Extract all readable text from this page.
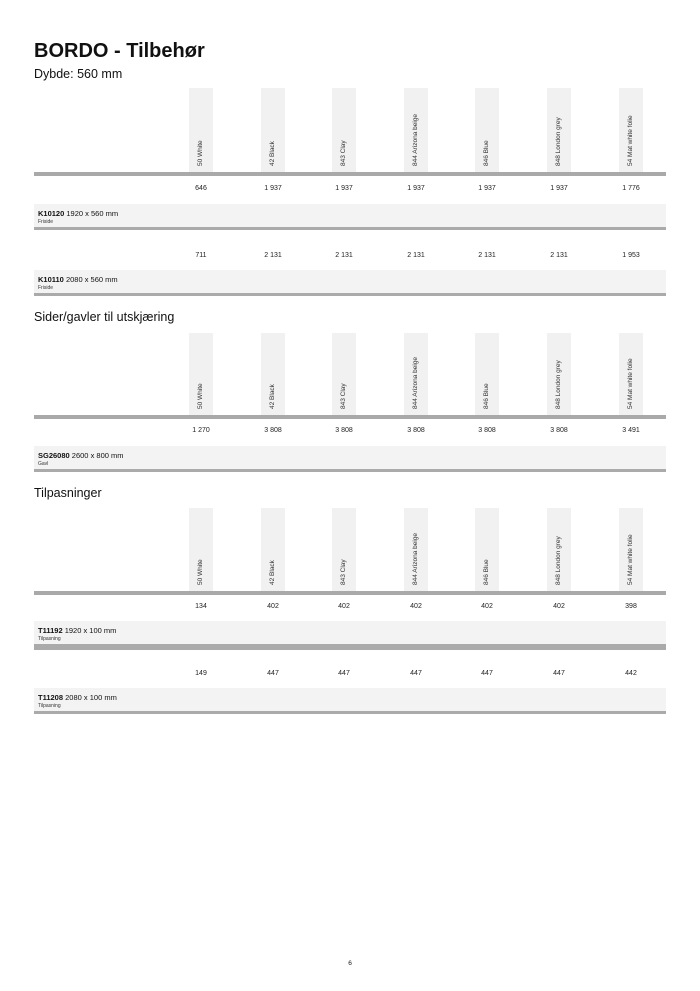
BORDO - Tilbehør
Dybde: 560 mm
50 White	42 Black	843 Clay	844 Arizona beige	846 Blue	848 London grey	54 Mat white folie
646	1 937	1 937	1 937	1 937	1 937	1 776
K10120 1920 x 560 mm
Friside
711	2 131	2 131	2 131	2 131	2 131	1 953
K10110 2080 x 560 mm
Friside
Sider/gavler til utskjæring
50 White	42 Black	843 Clay	844 Arizona beige	846 Blue	848 London grey	54 Mat white folie
1 270	3 808	3 808	3 808	3 808	3 808	3 491
SG26080 2600 x 800 mm
Gavl
Tilpasninger
50 White	42 Black	843 Clay	844 Arizona beige	846 Blue	848 London grey	54 Mat white folie
134	402	402	402	402	402	398
T11192 1920 x 100 mm
Tilpasning
149	447	447	447	447	447	442
T11208 2080 x 100 mm
Tilpasning
6
